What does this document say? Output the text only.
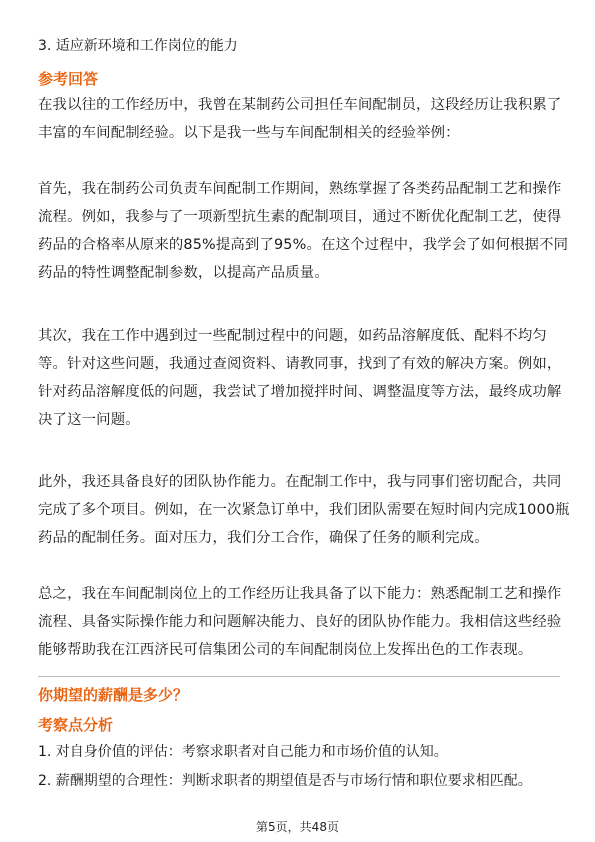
3. 适应新环境和工作岗位的能力
参考回答
在我以往的工作经历中，我曾在某制药公司担任车间配制员，这段经历让我积累了
丰富的车间配制经验。以下是我一些与车间配制相关的经验举例：
首先，我在制药公司负责车间配制工作期间，熟练掌握了各类药品配制工艺和操作
流程。例如，我参与了一项新型抗生素的配制项目，通过不断优化配制工艺，使得
药品的合格率从原来的85%提高到了95%。在这个过程中，我学会了如何根据不同
药品的特性调整配制参数，以提高产品质量。
其次，我在工作中遇到过一些配制过程中的问题，如药品溶解度低、配料不均匀
等。针对这些问题，我通过查阅资料、请教同事，找到了有效的解决方案。例如，
针对药品溶解度低的问题，我尝试了增加搅拌时间、调整温度等方法，最终成功解
决了这一问题。
此外，我还具备良好的团队协作能力。在配制工作中，我与同事们密切配合，共同
完成了多个项目。例如，在一次紧急订单中，我们团队需要在短时间内完成1000瓶
药品的配制任务。面对压力，我们分工合作，确保了任务的顺利完成。
总之，我在车间配制岗位上的工作经历让我具备了以下能力：熟悉配制工艺和操作
流程、具备实际操作能力和问题解决能力、良好的团队协作能力。我相信这些经验
能够帮助我在江西济民可信集团公司的车间配制岗位上发挥出色的工作表现。
你期望的薪酬是多少？
考察点分析
1. 对自身价值的评估：考察求职者对自己能力和市场价值的认知。
2. 薪酬期望的合理性：判断求职者的期望值是否与市场行情和职位要求相匹配。
第5页，共48页
